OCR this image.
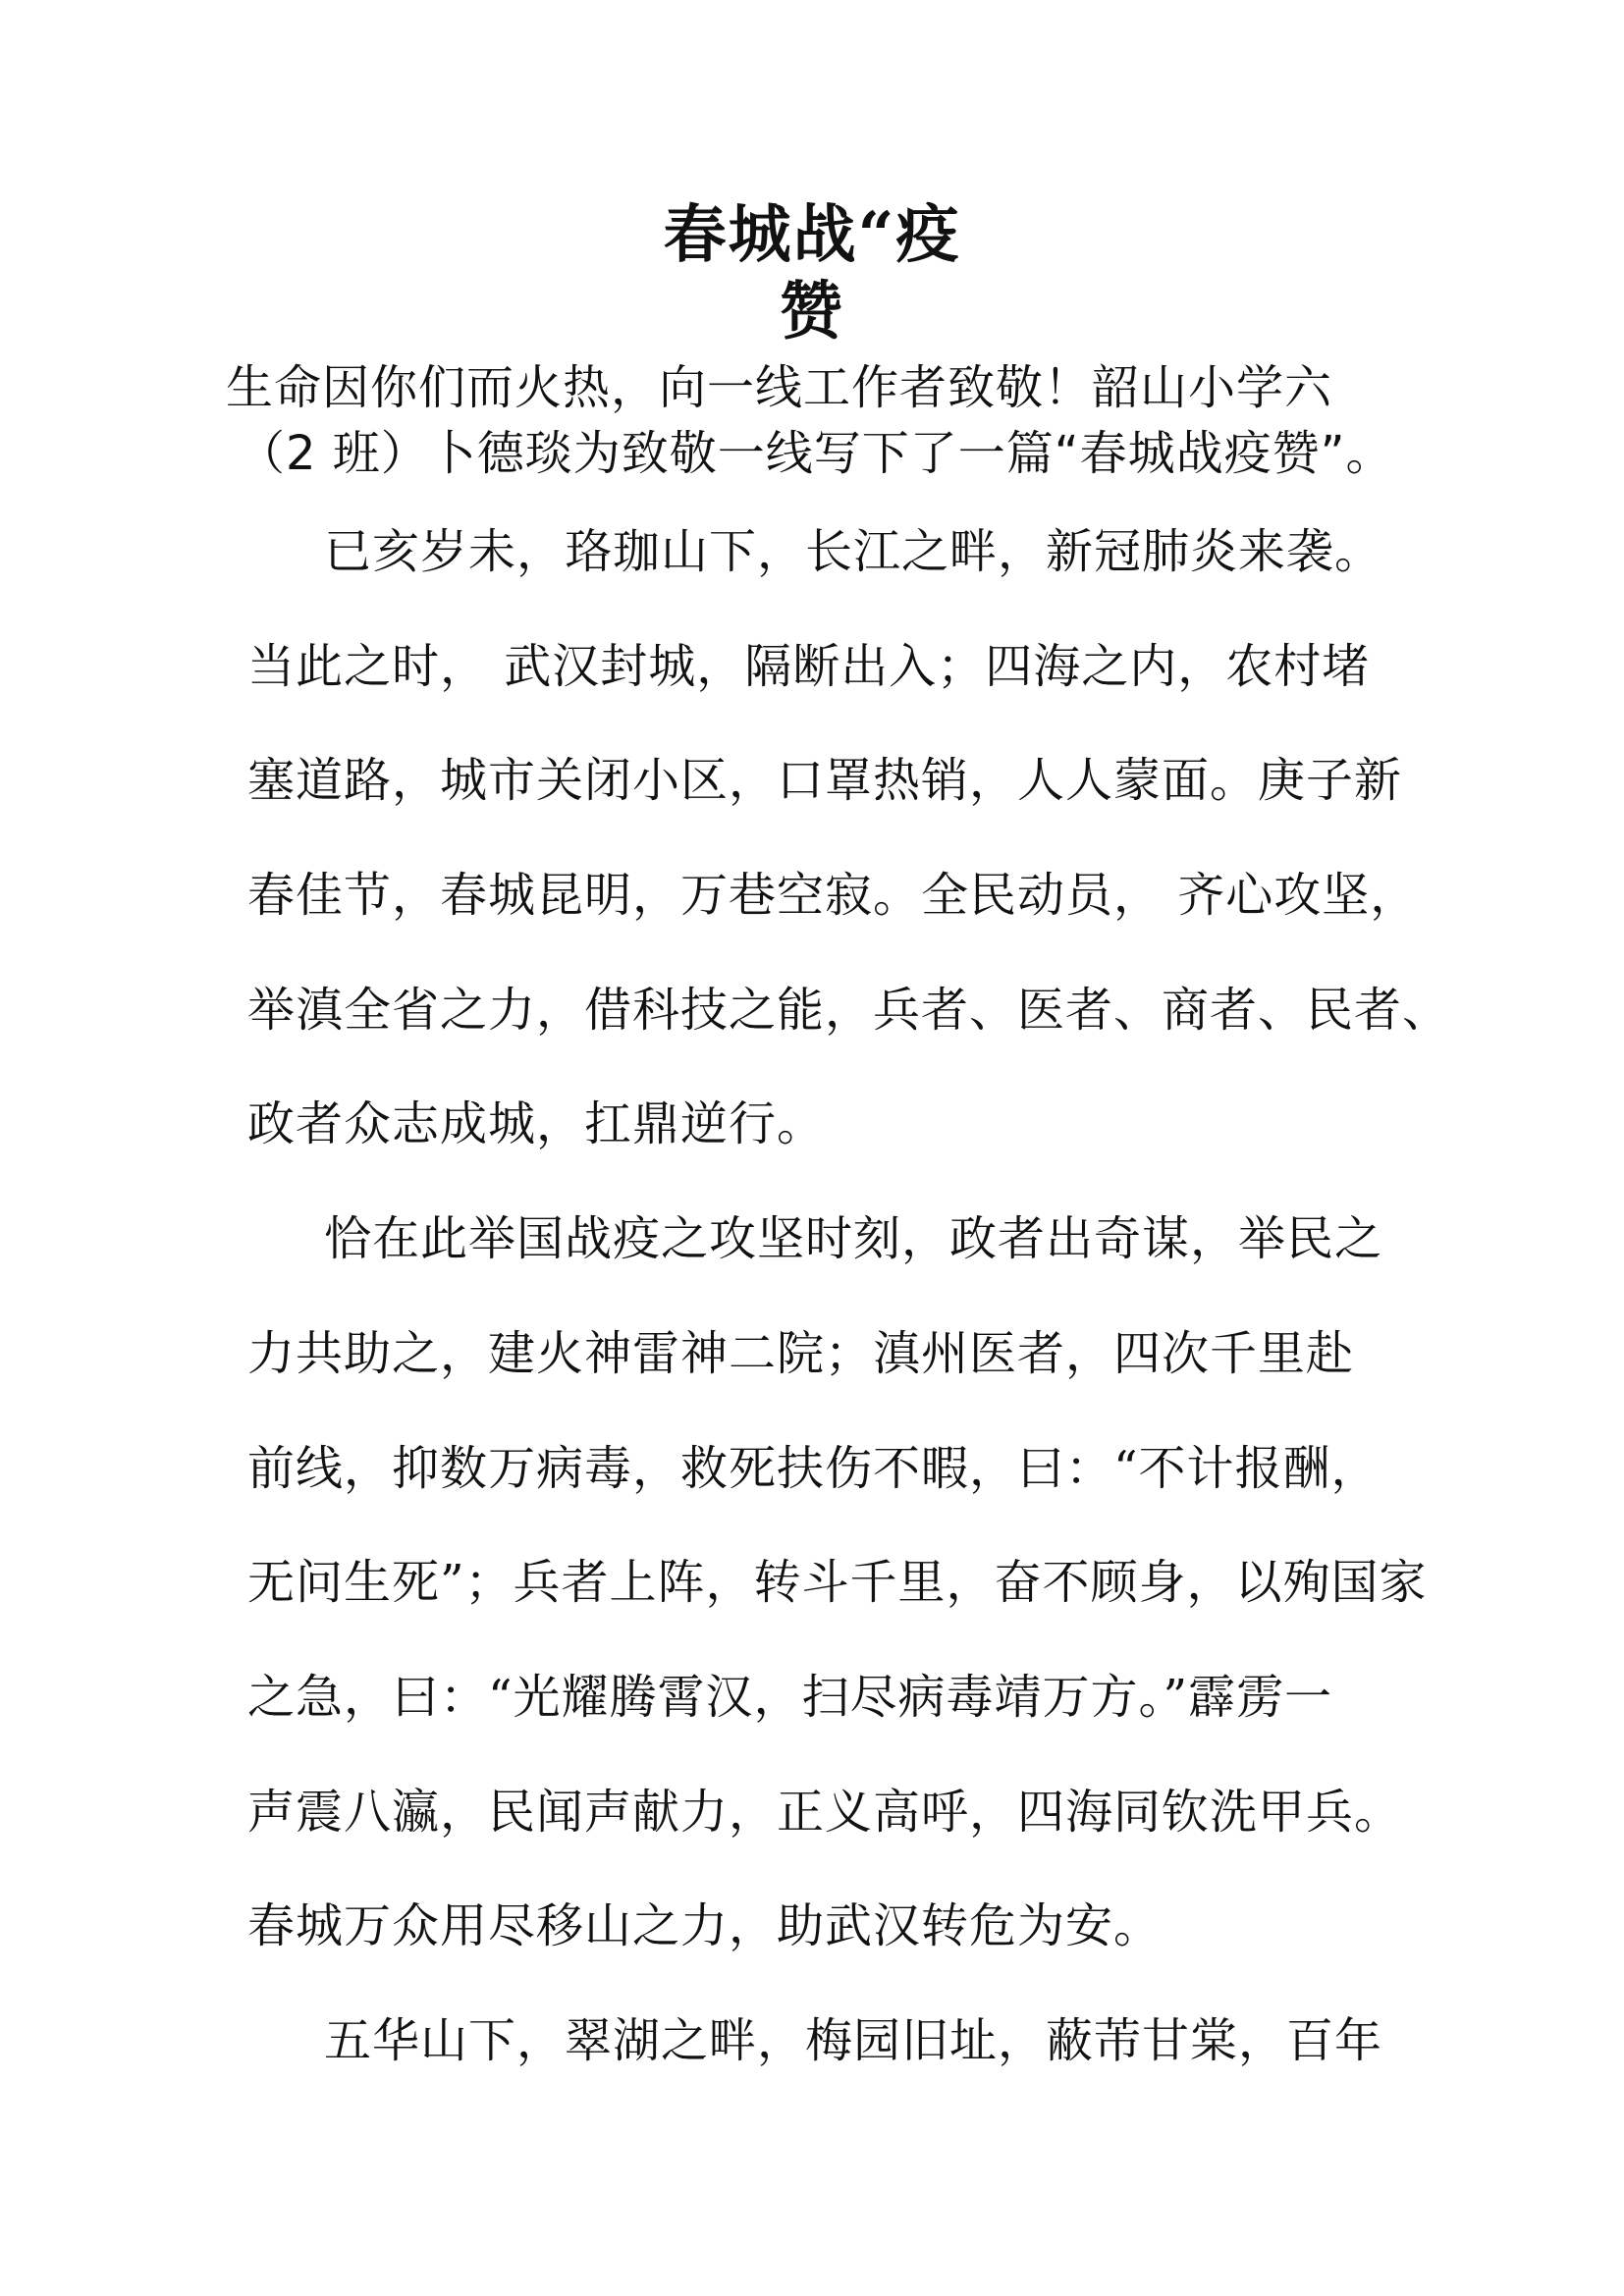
春城战“疫
赞

生命因你们而火热，向一线工作者致敬！韶山小学六
（2 班）卜德琰为致敬一线写下了一篇“春城战疫赞”。

已亥岁未，珞珈山下，长江之畔，新冠肺炎来袭。
当此之时， 武汉封城，隔断出入；四海之内，农村堵
塞道路，城市关闭小区，口罩热销，人人蒙面。庚子新
春佳节，春城昆明，万巷空寂。全民动员， 齐心攻坚，
举滇全省之力，借科技之能，兵者、医者、商者、民者、
政者众志成城，扛鼎逆行。
恰在此举国战疫之攻坚时刻，政者出奇谋，举民之
力共助之，建火神雷神二院；滇州医者，四次千里赴
前线，抑数万病毒，救死扶伤不暇，曰：“不计报酬，
无问生死”；兵者上阵，转斗千里，奋不顾身，以殉国家
之急，曰：“光耀腾霄汉，扫尽病毒靖万方。”霹雳一
声震八瀛，民闻声献力，正义高呼，四海同钦洗甲兵。
春城万众用尽移山之力，助武汉转危为安。
五华山下，翠湖之畔，梅园旧址，蔽芾甘棠，百年
